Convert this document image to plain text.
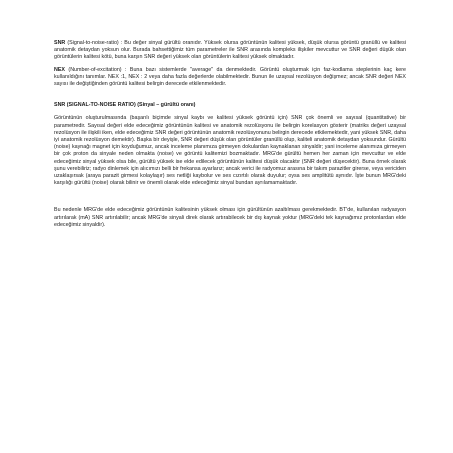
SNR (Signal-to-noise-ratio) : Bu değer sinyal gürültü oranıdır. Yüksek olursa görüntünün kalitesi yüksek, düşük olursa görüntü granüllü ve kalitesi anatomik detaydan yoksun olur. Burada bahsettiğimiz tüm parametreler ile SNR arasında kompleks ilişkiler mevcuttur ve SNR değeri düşük olan görüntülerin kalitesi kötü, buna karşın SNR değeri yüksek olan görüntülerin kalitesi yüksek olmaktadır.

NEX (Number-of-excitation) : Buna bazı sistemlerde "average" da denmektedir. Görüntü oluşturmak için faz-kodlama steplerinin kaç kere kullanıldığını tanımlar. NEX :1, NEX : 2 veya daha fazla değerlerde olabilmektedir. Bunun ile uzaysal rezolüsyon değişmez; ancak SNR değeri NEX sayısı ile değiştiğinden görüntü kalitesi belirgin derecede etkilenmektedir.

SNR (SIGNAL-TO-NOISE RATIO) (Sinyal – gürültü oranı)

Görüntünün oluşturulmasında (başarılı biçimde sinyal kaybı ve kalitesi yüksek görüntü için) SNR çok önemli ve sayısal (quantitative) bir parametredir. Sayısal değeri elde edeceğimiz görüntünün kalitesi ve anatomik rezolüsyonu ile belirgin korelasyon gösterir (matriks değeri uzaysal rezolüsyon ile ilişkili iken, elde edeceğimiz SNR değeri görüntünün anatomik rezolüsyonunu belirgin derecede etkilemektedir, yani yüksek SNR, daha iyi anatomik rezolüsyon demektir). Başka bir deyişle, SNR değeri düşük olan görüntüler granüllü olup, kaliteli anatomik detaydan yoksundur. Gürültü (noise) kaynağı magnet için koyduğumuz, ancak inceleme planımıza girmeyen dokulardan kaynaklanan sinyaldir; yani inceleme alanımıza girmeyen bir çok proton da sinyale neden olmakta (noise) ve görüntü kalitemizi bozmaktadır. MRG'de gürültü hemen her zaman için mevcuttur ve elde edeceğimiz sinyal yüksek olsa bile, gürültü yüksek ise elde edilecek görüntünün kalitesi düşük olacaktır (SNR değeri düşecektir). Buna örnek olarak şunu verebiliriz; radyo dinlemek için alıcımızı belli bir frekansa ayarlarız; ancak verici ile radyomuz arasına bir takım parazitler girerse, veya vericiden uzaklaşırsak (araya parazit girmesi kolaylaşır) ses netliği kaybolur ve ses cızırtılı olarak duyulur; oysa ses amplitütü aynıdır. İşte bunun MRG'deki karşılığı gürültü (noise) olarak bilinir ve önemli olarak elde edeceğimiz sinyal bundan ayrılamamaktadır.

Bu nedenle MRG'de elde edeceğimiz görüntünün kalitesinin yüksek olması için gürültünün azaltılması gerekmektedir. BT'de, kullanılan radyasyon artırılarak (mA) SNR artırılabilir; ancak MRG'de sinyali direk olarak artırabilecek bir dış kaynak yoktur (MRG'deki tek kaynağımız protonlardan elde edeceğimiz sinyaldir).
